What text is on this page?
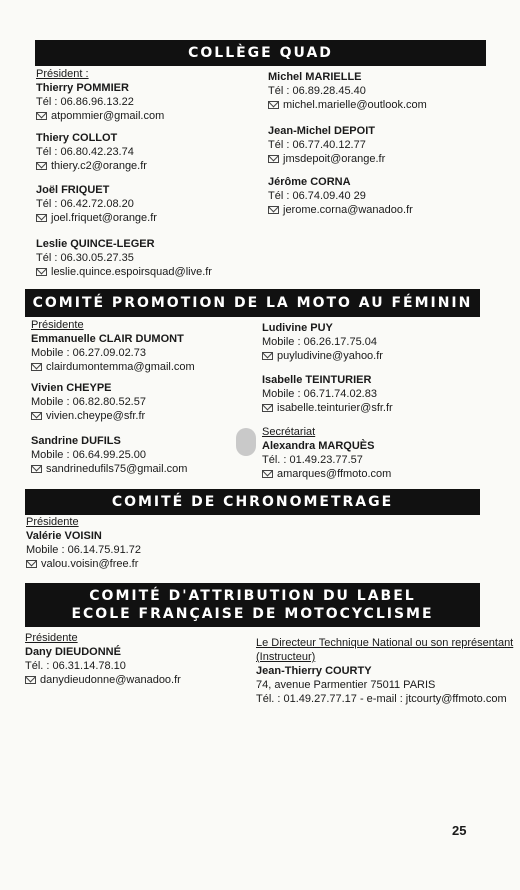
COLLÈGE QUAD
Président :
Thierry POMMIER
Tél : 06.86.96.13.22
atpommier@gmail.com
Thiery COLLOT
Tél : 06.80.42.23.74
thiery.c2@orange.fr
Joël FRIQUET
Tél : 06.42.72.08.20
joel.friquet@orange.fr
Leslie QUINCE-LEGER
Tél : 06.30.05.27.35
leslie.quince.espoirsquad@live.fr
Michel MARIELLE
Tél : 06.89.28.45.40
michel.marielle@outlook.com
Jean-Michel DEPOIT
Tél : 06.77.40.12.77
jmsdepoit@orange.fr
Jérôme CORNA
Tél : 06.74.09.40 29
jerome.corna@wanadoo.fr
COMITÉ PROMOTION DE LA MOTO AU FÉMININ
Présidente
Emmanuelle CLAIR DUMONT
Mobile : 06.27.09.02.73
clairdumontemma@gmail.com
Vivien CHEYPE
Mobile : 06.82.80.52.57
vivien.cheype@sfr.fr
Sandrine DUFILS
Mobile : 06.64.99.25.00
sandrinedufils75@gmail.com
Ludivine PUY
Mobile : 06.26.17.75.04
puyludivine@yahoo.fr
Isabelle TEINTURIER
Mobile : 06.71.74.02.83
isabelle.teinturier@sfr.fr
Secrétariat
Alexandra MARQUÈS
Tél. : 01.49.23.77.57
amarques@ffmoto.com
COMITÉ DE CHRONOMETRAGE
Présidente
Valérie VOISIN
Mobile : 06.14.75.91.72
valou.voisin@free.fr
COMITÉ D'ATTRIBUTION DU LABEL
ECOLE FRANÇAISE DE MOTOCYCLISME
Présidente
Dany DIEUDONNÉ
Tél. : 06.31.14.78.10
danydieudonne@wanadoo.fr
Le Directeur Technique National ou son représentant
(Instructeur)
Jean-Thierry COURTY
74, avenue Parmentier 75011 PARIS
Tél. : 01.49.27.77.17 - e-mail : jtcourty@ffmoto.com
25
